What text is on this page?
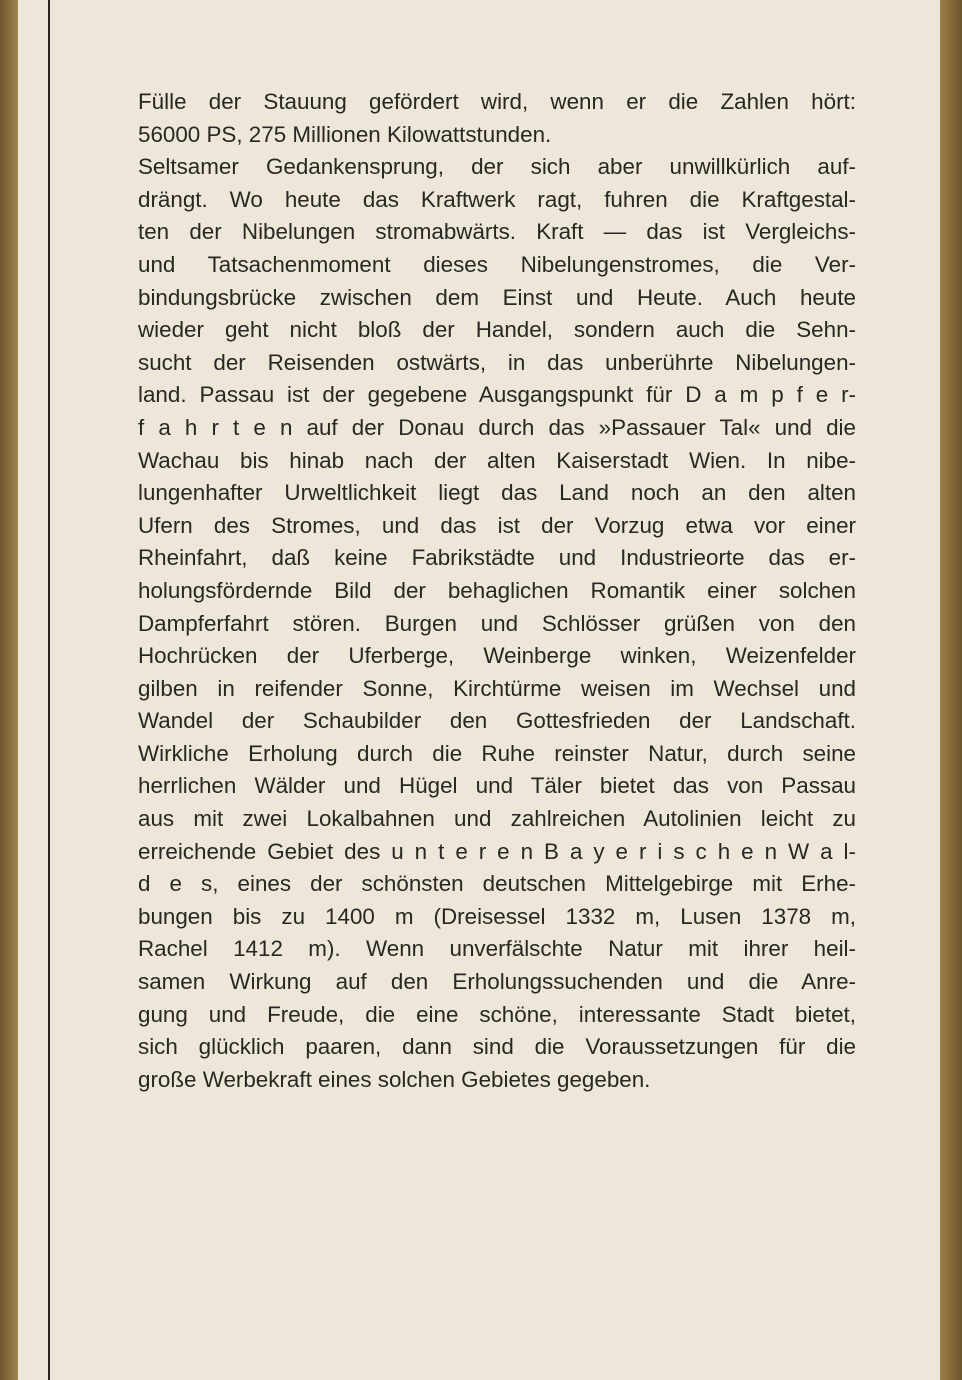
Fülle der Stauung gefördert wird, wenn er die Zahlen hört:
56000 PS, 275 Millionen Kilowattstunden.
Seltsamer Gedankensprung, der sich aber unwillkürlich auf-
drängt. Wo heute das Kraftwerk ragt, fuhren die Kraftgestal-
ten der Nibelungen stromabwärts. Kraft — das ist Vergleichs-
und Tatsachenmoment dieses Nibelungenstromes, die Ver-
bindungsbrücke zwischen dem Einst und Heute. Auch heute
wieder geht nicht bloß der Handel, sondern auch die Sehn-
sucht der Reisenden ostwärts, in das unberührte Nibelungen-
land. Passau ist der gegebene Ausgangspunkt für D a m p f e r-
f a h r t e n auf der Donau durch das »Passauer Tal« und die
Wachau bis hinab nach der alten Kaiserstadt Wien. In nibe-
lungenhafter Urweltlichkeit liegt das Land noch an den alten
Ufern des Stromes, und das ist der Vorzug etwa vor einer
Rheinfahrt, daß keine Fabrikstädte und Industrieorte das er-
holungsfördernde Bild der behaglichen Romantik einer solchen
Dampferfahrt stören. Burgen und Schlösser grüßen von den
Hochrücken der Uferberge, Weinberge winken, Weizenfelder
gilben in reifender Sonne, Kirchtürme weisen im Wechsel und
Wandel der Schaubilder den Gottesfrieden der Landschaft.
Wirkliche Erholung durch die Ruhe reinster Natur, durch seine
herrlichen Wälder und Hügel und Täler bietet das von Passau
aus mit zwei Lokalbahnen und zahlreichen Autolinien leicht zu
erreichende Gebiet des u n t e r e n B a y e r i s c h e n W a l-
d e s, eines der schönsten deutschen Mittelgebirge mit Erhe-
bungen bis zu 1400 m (Dreisessel 1332 m, Lusen 1378 m,
Rachel 1412 m). Wenn unverfälschte Natur mit ihrer heil-
samen Wirkung auf den Erholungssuchenden und die Anre-
gung und Freude, die eine schöne, interessante Stadt bietet,
sich glücklich paaren, dann sind die Voraussetzungen für die
große Werbekraft eines solchen Gebietes gegeben.
